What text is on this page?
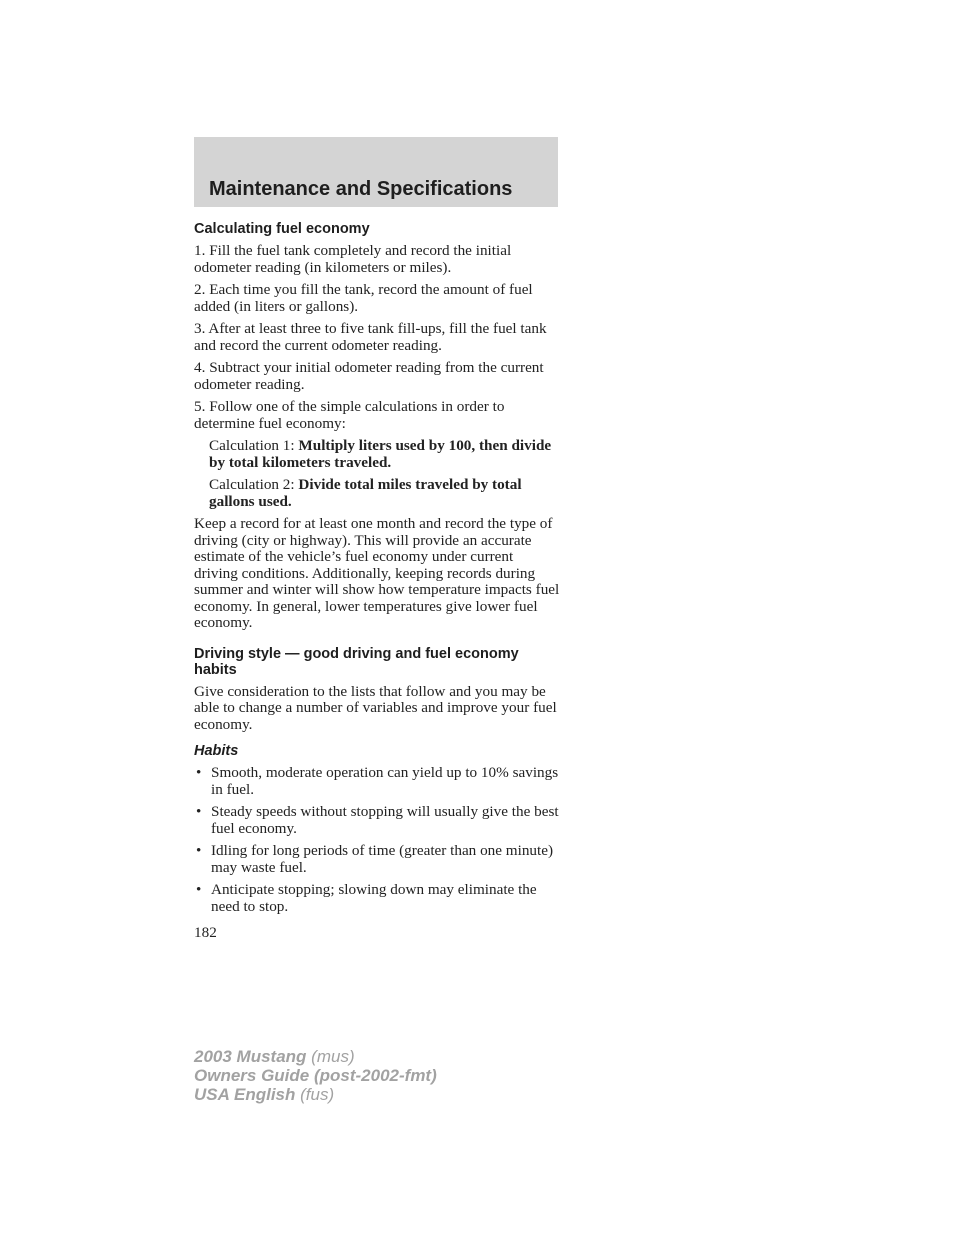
Maintenance and Specifications
Calculating fuel economy

1. Fill the fuel tank completely and record the initial odometer reading (in kilometers or miles).

2. Each time you fill the tank, record the amount of fuel added (in liters or gallons).

3. After at least three to five tank fill-ups, fill the fuel tank and record the current odometer reading.

4. Subtract your initial odometer reading from the current odometer reading.

5. Follow one of the simple calculations in order to determine fuel economy:

Calculation 1: Multiply liters used by 100, then divide by total kilometers traveled.

Calculation 2: Divide total miles traveled by total gallons used.

Keep a record for at least one month and record the type of driving (city or highway). This will provide an accurate estimate of the vehicle’s fuel economy under current driving conditions. Additionally, keeping records during summer and winter will show how temperature impacts fuel economy. In general, lower temperatures give lower fuel economy.

Driving style — good driving and fuel economy habits

Give consideration to the lists that follow and you may be able to change a number of variables and improve your fuel economy.

Habits
• Smooth, moderate operation can yield up to 10% savings in fuel.
• Steady speeds without stopping will usually give the best fuel economy.
• Idling for long periods of time (greater than one minute) may waste fuel.
• Anticipate stopping; slowing down may eliminate the need to stop.
182
2003 Mustang (mus)
Owners Guide (post-2002-fmt)
USA English (fus)
